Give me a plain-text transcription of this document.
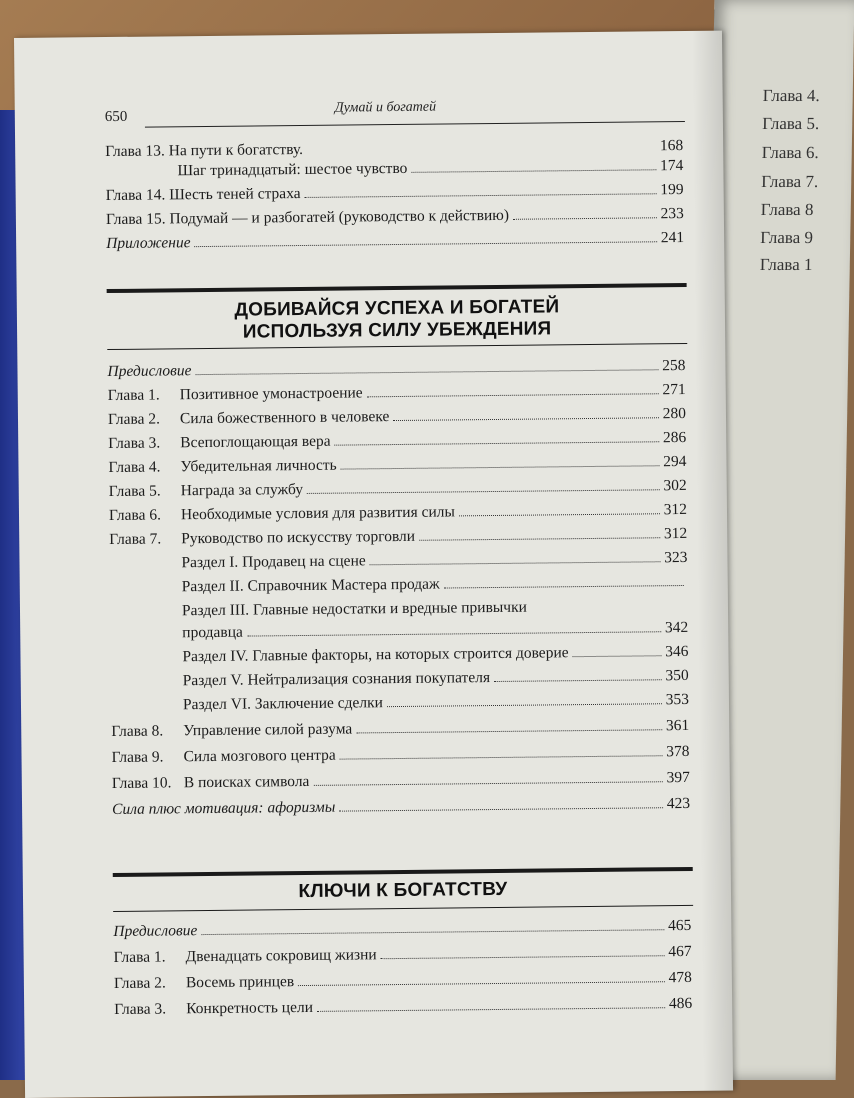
Глава 4.
Глава 5.
Глава 6.
Глава 7.
Глава 8
Глава 9
Глава 1
650
Думай и богатей
Глава 13. На пути к богатству.	168
Шаг тринадцатый: шестое чувство	174
Глава 14. Шесть теней страха	199
Глава 15. Подумай — и разбогатей (руководство к действию)	233
Приложение	241
ДОБИВАЙСЯ УСПЕХА И БОГАТЕЙ
ИСПОЛЬЗУЯ СИЛУ УБЕЖДЕНИЯ
Предисловие	258
Глава 1.	Позитивное умонастроение	271
Глава 2.	Сила божественного в человеке	280
Глава 3.	Всепоглощающая вера	286
Глава 4.	Убедительная личность	294
Глава 5.	Награда за службу	302
Глава 6.	Необходимые условия для развития силы	312
Глава 7.	Руководство по искусству торговли	312
Раздел I. Продавец на сцене	323
Раздел II. Справочник Мастера продаж
Раздел III. Главные недостатки и вредные привычки
продавца	342
Раздел IV. Главные факторы, на которых строится доверие	346
Раздел V. Нейтрализация сознания покупателя	350
Раздел VI. Заключение сделки	353
Глава 8.	Управление силой разума	361
Глава 9.	Сила мозгового центра	378
Глава 10. В поисках символа	397
Сила плюс мотивация: афоризмы	423
КЛЮЧИ К БОГАТСТВУ
Предисловие	465
Глава 1.	Двенадцать сокровищ жизни	467
Глава 2.	Восемь принцев	478
Глава 3.	Конкретность цели	486
